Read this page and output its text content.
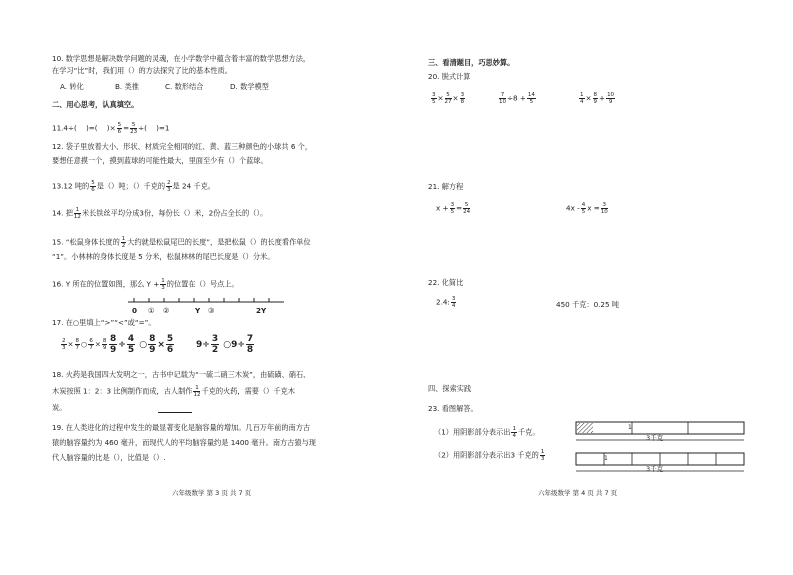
10. 数学思想是解决数学问题的灵魂，在小学数学中蕴含着丰富的数学思想方法，
在学习“比”时，我们用（）的方法探究了比的基本性质。
A. 转化	B. 类推	C. 数形结合	D. 数学模型
二、用心思考，认真填空。
11.4÷( )=( )× $\frac{5}{6} = \frac{5}{23}$ ÷( )=1
12. 袋子里放着大小、形状、材质完全相同的红、黄、蓝三种颜色的小球共 6 个，
要想任意摸一个，摸到蓝球的可能性最大，里面至少有（）个蓝球。
13.12 吨的 $\frac{5}{6}$ 是（）吨；（）千克的 $\frac{2}{3}$ 是 24 千克。
14. 把 $\frac{1}{12}$ 米长铁丝平均分成3份，每份长（）米，2份占全长的（）。
15. “松鼠身体长度的 $\frac{1}{2}$ 大约就是松鼠尾巴的长度”，是把松鼠（）的长度看作单位
“1”。小林林的身体长度是 5 分米，松鼠林林的尾巴长度是（）分米。
16. Y 所在的位置如图，那么 $Y + \frac{1}{3}$ 的位置在（）号点上。
0 ① ②	Y ③	2Y
17. 在○里填上“>”“<”或“=”。
$\frac{2}{3} \times \frac{8}{7}$ ○ $\frac{6}{7} \times \frac{8}{9} \frac{8}{9} \div \frac{4}{5}$ ○ $\frac{8}{9} \times \frac{5}{6} 9\div \frac{3}{2}$ ○9÷ $\frac{7}{8}$
18. 火药是我国四大发明之一，古书中记载为“一硫二硝三木炭”，由硫磺、硝石、
木炭按照 1：2：3 比例制作而成，古人制作 $\frac{1}{12}$ 千克的火药，需要（）千克木
炭。
19. 在人类进化的过程中发生的最显著变化是脑容量的增加。几百万年前的南方古
猿的脑容量约为 460 毫升，而现代人的平均脑容量约是 1400 毫升。南方古猿与现
代人脑容量的比是（），比值是（）.
六年级数学 第 3 页 共 7 页
三、看清题目，巧思妙算。
20. 脱式计算
$\frac{3}{5} \times \frac{5}{27} \times \frac{3}{8}$	$\frac{7}{10} \div 8 + \frac{14}{5}$	$\frac{1}{4} \times \frac{8}{9} + \frac{10}{9}$
21. 解方程
$x + \frac{3}{5} = \frac{5}{24}$	$4x - \frac{4}{5}$ $x = \frac{3}{10}$
22. 化简比
2.4: $\frac{3}{4}$	450 千克：0.25 吨
四、探索实践
23. 看图解答。
（1）用阴影部分表示出 $\frac{1}{4}$ 千克。
（2）用阴影部分表示出3 千克的 $\frac{1}{3}$
1
3千克
1
3千克
六年级数学 第 4 页 共 7 页
